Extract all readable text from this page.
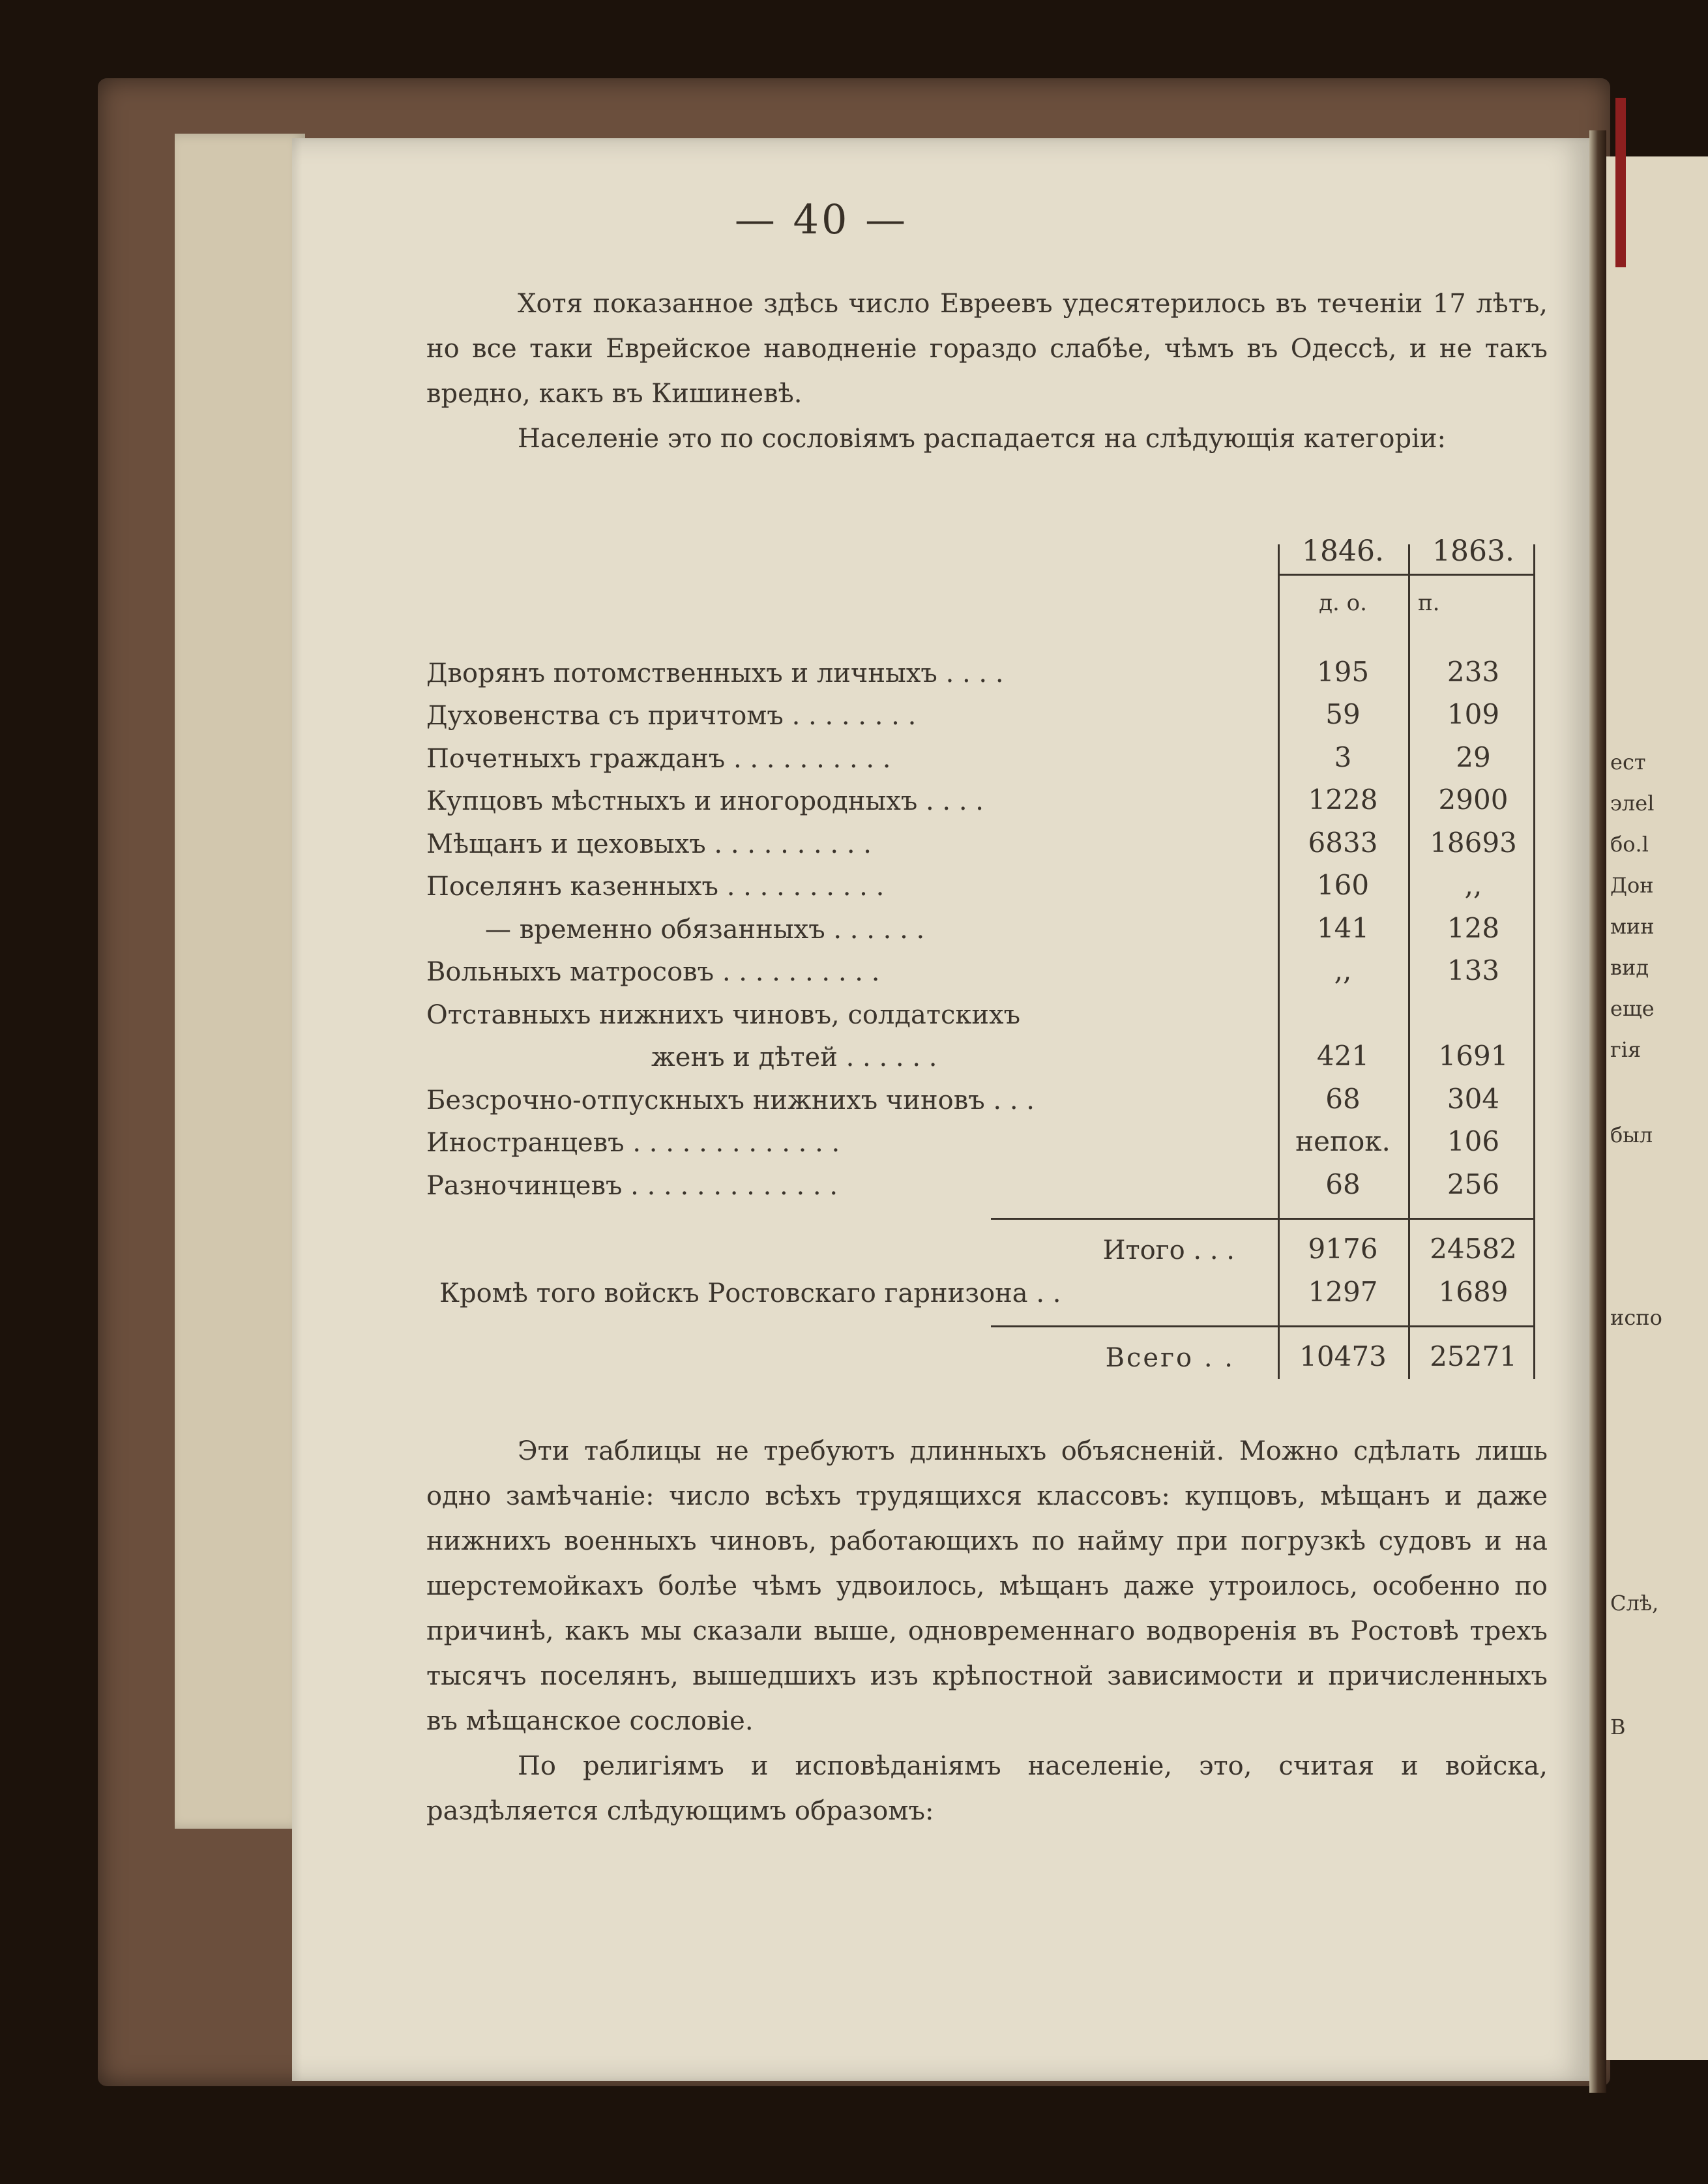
ест
элеl
бо.l
Дон
мин
вид
еще
гія
был
испо
Слѣ,
В
— 40 —

Хотя показанное здѣсь число Евреевъ удесятерилось въ теченіи 17 лѣтъ, но все таки Еврейское наводненіе гораздо слабѣе, чѣмъ въ Одессѣ, и не такъ вредно, какъ въ Кишиневѣ.

Населеніе это по сословіямъ распадается на слѣдующія категоріи:

1846.	1863.
д. о.	п.
Дворянъ потомственныхъ и личныхъ . . . .	195	233
Духовенства съ причтомъ . . . . . . . .	59	109
Почетныхъ гражданъ . . . . . . . . . .	3	29
Купцовъ мѣстныхъ и иногородныхъ . . . .	1228	2900
Мѣщанъ и цеховыхъ . . . . . . . . . .	6833	18693
Поселянъ казенныхъ . . . . . . . . . .	160	,,
— временно обязанныхъ . . . . . .	141	128
Вольныхъ матросовъ . . . . . . . . . .	,,	133
Отставныхъ нижнихъ чиновъ, солдатскихъ
женъ и дѣтей . . . . . .	421	1691
Безсрочно-отпускныхъ нижнихъ чиновъ . . .	68	304
Иностранцевъ . . . . . . . . . . . . .	непок.	106
Разночинцевъ . . . . . . . . . . . . .	68	256
Итого . . .	9176	24582
Кромѣ того войскъ Ростовскаго гарнизона . .	1297	1689
Всего . .	10473	25271

Эти таблицы не требуютъ длинныхъ объясненій. Можно сдѣлать лишь одно замѣчаніе: число всѣхъ трудящихся классовъ: купцовъ, мѣщанъ и даже нижнихъ военныхъ чиновъ, работающихъ по найму при погрузкѣ судовъ и на шерстемойкахъ болѣе чѣмъ удвоилось, мѣщанъ даже утроилось, особенно по причинѣ, какъ мы сказали выше, одновременнаго водворенія въ Ростовѣ трехъ тысячъ поселянъ, вышедшихъ изъ крѣпостной зависимости и причисленныхъ въ мѣщанское сословіе.

По религіямъ и исповѣданіямъ населеніе, это, считая и войска, раздѣляется слѣдующимъ образомъ:
